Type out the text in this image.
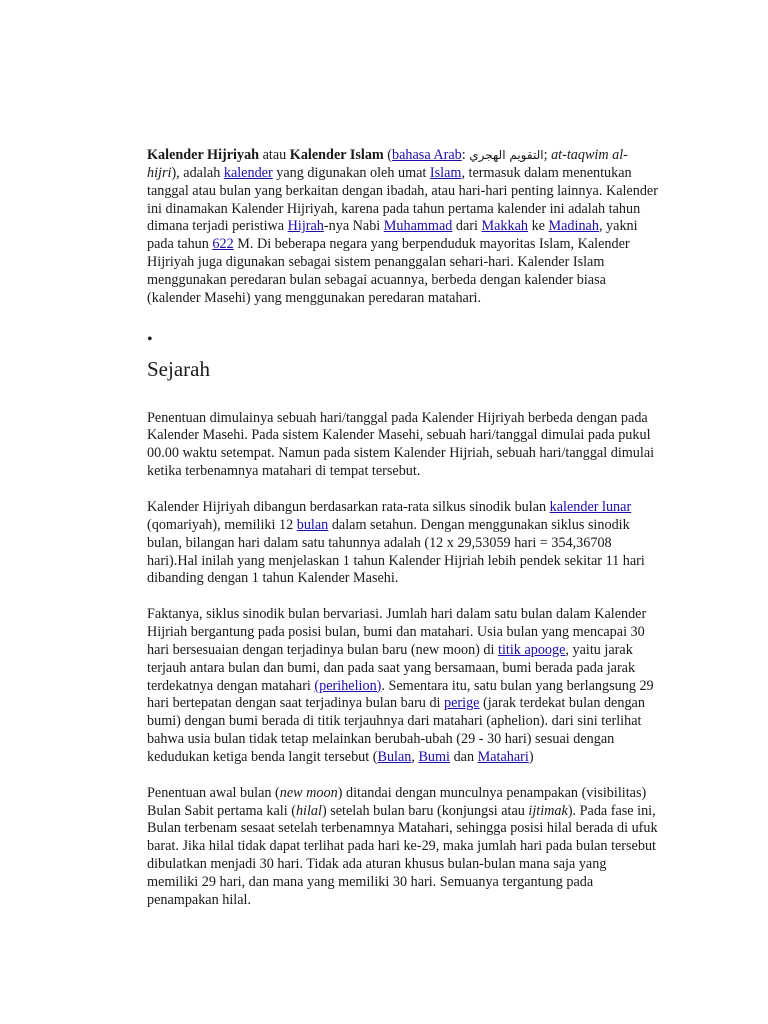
Kalender Hijriyah atau Kalender Islam (bahasa Arab: التقويم الهجري; at-taqwim al-hijri), adalah kalender yang digunakan oleh umat Islam, termasuk dalam menentukan tanggal atau bulan yang berkaitan dengan ibadah, atau hari-hari penting lainnya. Kalender ini dinamakan Kalender Hijriyah, karena pada tahun pertama kalender ini adalah tahun dimana terjadi peristiwa Hijrah-nya Nabi Muhammad dari Makkah ke Madinah, yakni pada tahun 622 M. Di beberapa negara yang berpenduduk mayoritas Islam, Kalender Hijriyah juga digunakan sebagai sistem penanggalan sehari-hari. Kalender Islam menggunakan peredaran bulan sebagai acuannya, berbeda dengan kalender biasa (kalender Masehi) yang menggunakan peredaran matahari.

•
Sejarah

Penentuan dimulainya sebuah hari/tanggal pada Kalender Hijriyah berbeda dengan pada Kalender Masehi. Pada sistem Kalender Masehi, sebuah hari/tanggal dimulai pada pukul 00.00 waktu setempat. Namun pada sistem Kalender Hijriah, sebuah hari/tanggal dimulai ketika terbenamnya matahari di tempat tersebut.

Kalender Hijriyah dibangun berdasarkan rata-rata silkus sinodik bulan kalender lunar (qomariyah), memiliki 12 bulan dalam setahun. Dengan menggunakan siklus sinodik bulan, bilangan hari dalam satu tahunnya adalah (12 x 29,53059 hari = 354,36708 hari).Hal inilah yang menjelaskan 1 tahun Kalender Hijriah lebih pendek sekitar 11 hari dibanding dengan 1 tahun Kalender Masehi.

Faktanya, siklus sinodik bulan bervariasi. Jumlah hari dalam satu bulan dalam Kalender Hijriah bergantung pada posisi bulan, bumi dan matahari. Usia bulan yang mencapai 30 hari bersesuaian dengan terjadinya bulan baru (new moon) di titik apooge, yaitu jarak terjauh antara bulan dan bumi, dan pada saat yang bersamaan, bumi berada pada jarak terdekatnya dengan matahari (perihelion). Sementara itu, satu bulan yang berlangsung 29 hari bertepatan dengan saat terjadinya bulan baru di perige (jarak terdekat bulan dengan bumi) dengan bumi berada di titik terjauhnya dari matahari (aphelion). dari sini terlihat bahwa usia bulan tidak tetap melainkan berubah-ubah (29 - 30 hari) sesuai dengan kedudukan ketiga benda langit tersebut (Bulan, Bumi dan Matahari)

Penentuan awal bulan (new moon) ditandai dengan munculnya penampakan (visibilitas) Bulan Sabit pertama kali (hilal) setelah bulan baru (konjungsi atau ijtimak). Pada fase ini, Bulan terbenam sesaat setelah terbenamnya Matahari, sehingga posisi hilal berada di ufuk barat. Jika hilal tidak dapat terlihat pada hari ke-29, maka jumlah hari pada bulan tersebut dibulatkan menjadi 30 hari. Tidak ada aturan khusus bulan-bulan mana saja yang memiliki 29 hari, dan mana yang memiliki 30 hari. Semuanya tergantung pada penampakan hilal.
